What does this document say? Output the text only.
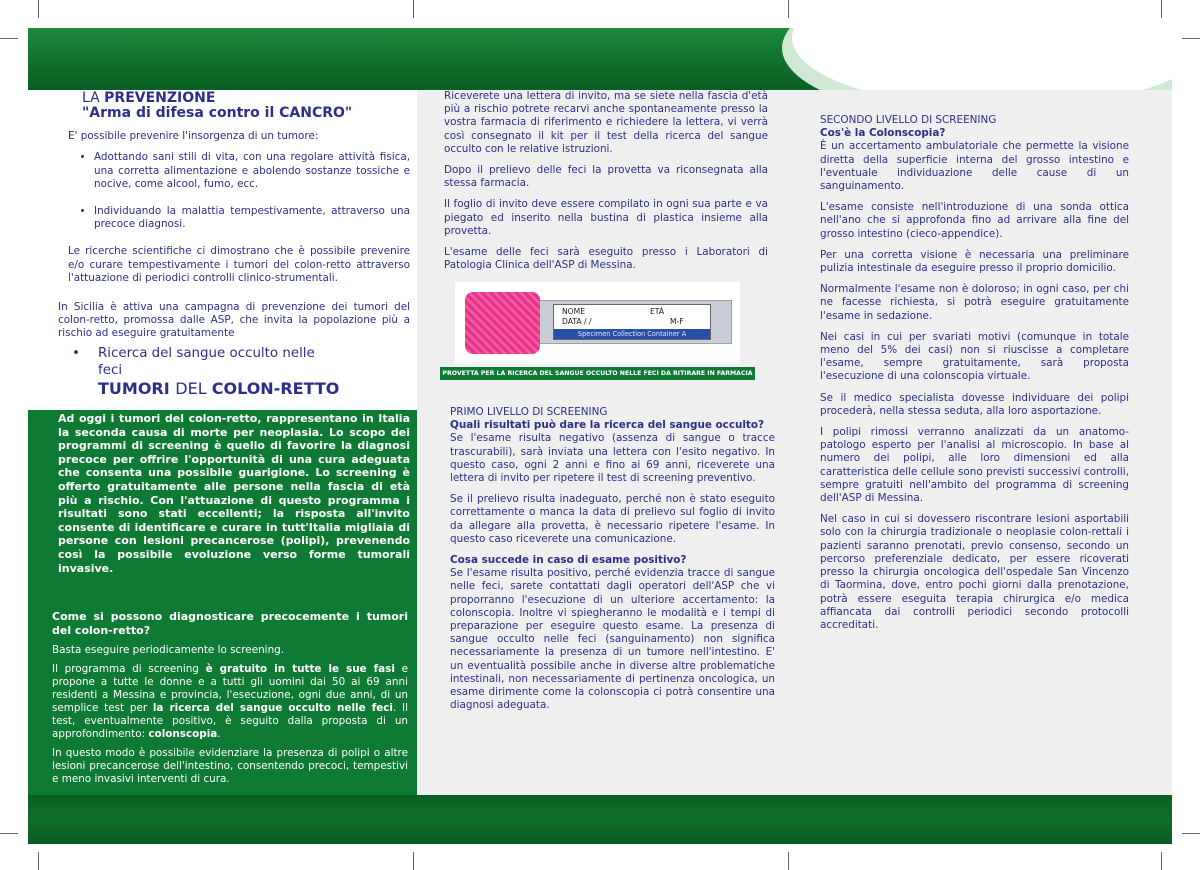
LA PREVENZIONE
"Arma di difesa contro il CANCRO"

E' possibile prevenire l'insorgenza di un tumore:

• Adottando sani stili di vita, con una regolare attività fisica, una corretta alimentazione e abolendo sostanze tossiche e nocive, come alcool, fumo, ecc.
• Individuando la malattia tempestivamente, attraverso una precoce diagnosi.

Le ricerche scientifiche ci dimostrano che è possibile prevenire e/o curare tempestivamente i tumori del colon-retto attraverso l'attuazione di periodici controlli clinico-strumentali.

In Sicilia è attiva una campagna di prevenzione dei tumori del colon-retto, promossa dalle ASP, che invita la popolazione più a rischio ad eseguire gratuitamente

• Ricerca del sangue occulto nelle feci
TUMORI DEL COLON-RETTO
Ad oggi i tumori del colon-retto, rappresentano in Italia la seconda causa di morte per neoplasia. Lo scopo dei programmi di screening è quello di favorire la diagnosi precoce per offrire l'opportunità di una cura adeguata che consenta una possibile guarigione. Lo screening è offerto gratuitamente alle persone nella fascia di età più a rischio. Con l'attuazione di questo programma i risultati sono stati eccellenti; la risposta all'invito consente di identificare e curare in tutt'Italia migliaia di persone con lesioni precancerose (polipi), prevenendo così la possibile evoluzione verso forme tumorali invasive.

Come si possono diagnosticare precocemente i tumori del colon-retto?

Basta eseguire periodicamente lo screening.

Il programma di screening è gratuito in tutte le sue fasi e propone a tutte le donne e a tutti gli uomini dai 50 ai 69 anni residenti a Messina e provincia, l'esecuzione, ogni due anni, di un semplice test per la ricerca del sangue occulto nelle feci. Il test, eventualmente positivo, è seguito dalla proposta di un approfondimento: colonscopia.

In questo modo è possibile evidenziare la presenza di polipi o altre lesioni precancerose dell'intestino, consentendo precoci, tempestivi e meno invasivi interventi di cura.

Riceverete una lettera di invito, ma se siete nella fascia d'età più a rischio potrete recarvi anche spontaneamente presso la vostra farmacia di riferimento e richiedere la lettera, vi verrà così consegnato il kit per il test della ricerca del sangue occulto con le relative istruzioni.

Dopo il prelievo delle feci la provetta va riconsegnata alla stessa farmacia.

Il foglio di invito deve essere compilato in ogni sua parte e va piegato ed inserito nella bustina di plastica insieme alla provetta.

L'esame delle feci sarà eseguito presso i Laboratori di Patologia Clinica dell'ASP di Messina.

NOME	ETÀ
DATA / /	M-F
Specimen Collection Container A
PROVETTA PER LA RICERCA DEL SANGUE OCCULTO NELLE FECI DA RITIRARE IN FARMACIA

PRIMO LIVELLO DI SCREENING

Quali risultati può dare la ricerca del sangue occulto?

Se l'esame risulta negativo (assenza di sangue o tracce trascurabili), sarà inviata una lettera con l'esito negativo. In questo caso, ogni 2 anni e fino ai 69 anni, riceverete una lettera di invito per ripetere il test di screening preventivo.

Se il prelievo risulta inadeguato, perché non è stato eseguito correttamente o manca la data di prelievo sul foglio di invito da allegare alla provetta, è necessario ripetere l'esame. In questo caso riceverete una comunicazione.

Cosa succede in caso di esame positivo?

Se l'esame risulta positivo, perché evidenzia tracce di sangue nelle feci, sarete contattati dagli operatori dell'ASP che vi proporranno l'esecuzione di un ulteriore accertamento: la colonscopia. Inoltre vi spiegheranno le modalità e i tempi di preparazione per eseguire questo esame. La presenza di sangue occulto nelle feci (sanguinamento) non significa necessariamente la presenza di un tumore nell'intestino. E' un eventualità possibile anche in diverse altre problematiche intestinali, non necessariamente di pertinenza oncologica, un esame dirimente come la colonscopia ci potrà consentire una diagnosi adeguata.

SECONDO LIVELLO DI SCREENING

Cos'è la Colonscopia?

È un accertamento ambulatoriale che permette la visione diretta della superficie interna del grosso intestino e l'eventuale individuazione delle cause di un sanguinamento.

L'esame consiste nell'introduzione di una sonda ottica nell'ano che si approfonda fino ad arrivare alla fine del grosso intestino (cieco-appendice).

Per una corretta visione è necessaria una preliminare pulizia intestinale da eseguire presso il proprio domicilio.

Normalmente l'esame non è doloroso; in ogni caso, per chi ne facesse richiesta, si potrà eseguire gratuitamente l'esame in sedazione.

Nei casi in cui per svariati motivi (comunque in totale meno del 5% dei casi) non si riuscisse a completare l'esame, sempre gratuitamente, sarà proposta l'esecuzione di una colonscopia virtuale.

Se il medico specialista dovesse individuare dei polipi procederà, nella stessa seduta, alla loro asportazione.

I polipi rimossi verranno analizzati da un anatomo-patologo esperto per l'analisi al microscopio. In base al numero dei polipi, alle loro dimensioni ed alla caratteristica delle cellule sono previsti successivi controlli, sempre gratuiti nell'ambito del programma di screening dell'ASP di Messina.

Nel caso in cui si dovessero riscontrare lesioni asportabili solo con la chirurgia tradizionale o neoplasie colon-rettali i pazienti saranno prenotati, previo consenso, secondo un percorso preferenziale dedicato, per essere ricoverati presso la chirurgia oncologica dell'ospedale San Vincenzo di Taormina, dove, entro pochi giorni dalla prenotazione, potrà essere eseguita terapia chirurgica e/o medica affiancata dai controlli periodici secondo protocolli accreditati.
